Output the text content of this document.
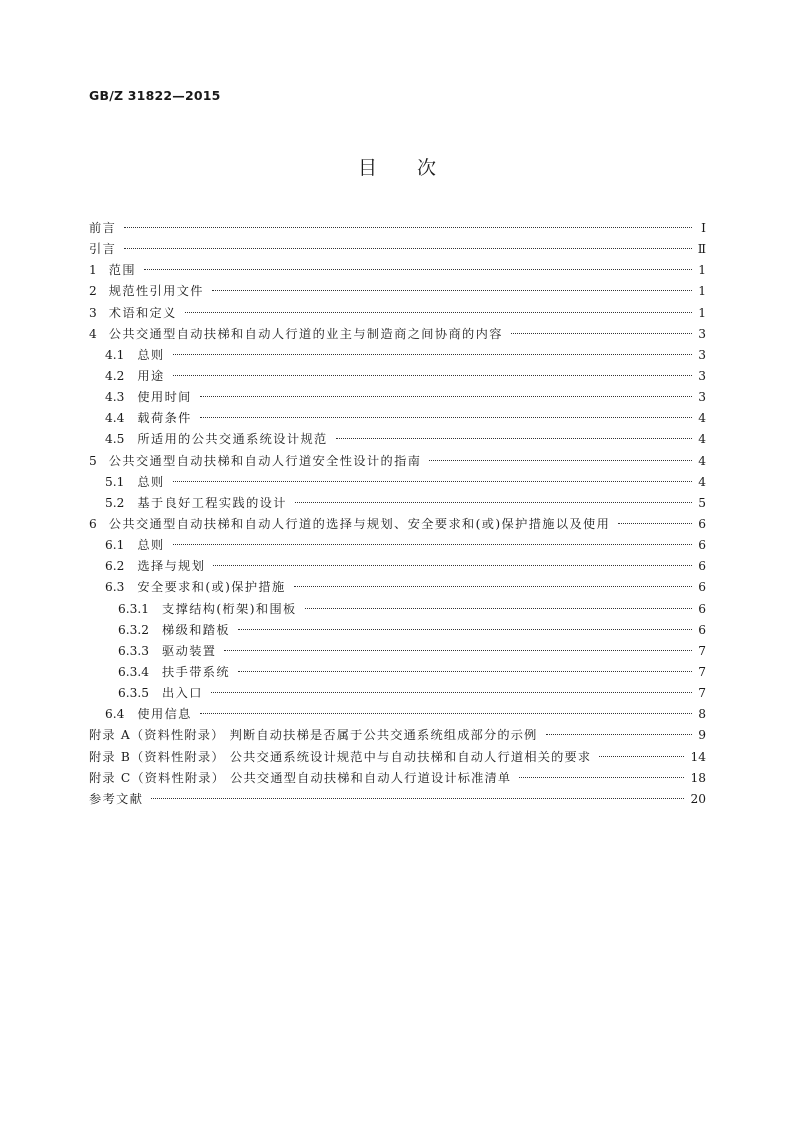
GB/Z 31822—2015
目次
前言	Ⅰ
引言	Ⅱ
1 范围	1
2 规范性引用文件	1
3 术语和定义	1
4 公共交通型自动扶梯和自动人行道的业主与制造商之间协商的内容	3
4.1 总则	3
4.2 用途	3
4.3 使用时间	3
4.4 载荷条件	4
4.5 所适用的公共交通系统设计规范	4
5 公共交通型自动扶梯和自动人行道安全性设计的指南	4
5.1 总则	4
5.2 基于良好工程实践的设计	5
6 公共交通型自动扶梯和自动人行道的选择与规划、安全要求和(或)保护措施以及使用	6
6.1 总则	6
6.2 选择与规划	6
6.3 安全要求和(或)保护措施	6
6.3.1 支撑结构(桁架)和围板	6
6.3.2 梯级和踏板	6
6.3.3 驱动装置	7
6.3.4 扶手带系统	7
6.3.5 出入口	7
6.4 使用信息	8
附录 A（资料性附录） 判断自动扶梯是否属于公共交通系统组成部分的示例	9
附录 B（资料性附录） 公共交通系统设计规范中与自动扶梯和自动人行道相关的要求	14
附录 C（资料性附录） 公共交通型自动扶梯和自动人行道设计标准清单	18
参考文献	20
